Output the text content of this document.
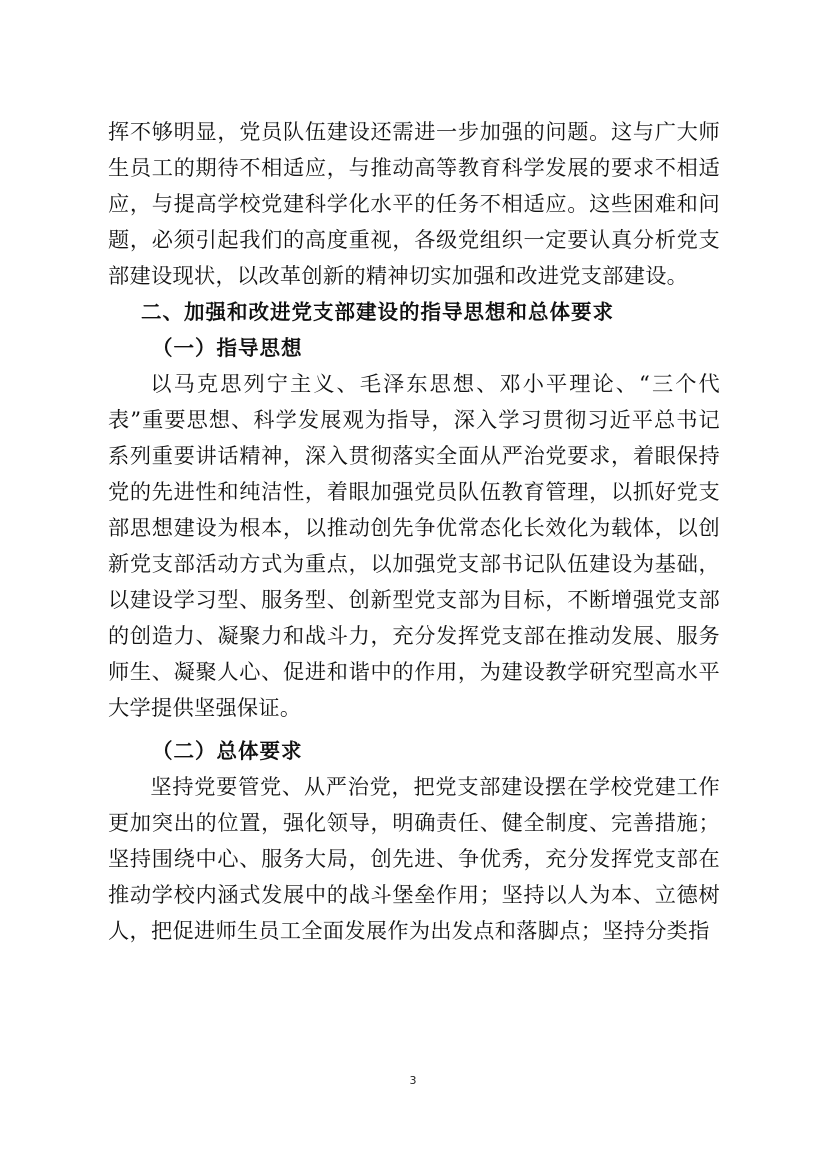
挥不够明显，党员队伍建设还需进一步加强的问题。这与广大师生员工的期待不相适应，与推动高等教育科学发展的要求不相适应，与提高学校党建科学化水平的任务不相适应。这些困难和问题，必须引起我们的高度重视，各级党组织一定要认真分析党支部建设现状，以改革创新的精神切实加强和改进党支部建设。

二、加强和改进党支部建设的指导思想和总体要求
（一）指导思想

以马克思列宁主义、毛泽东思想、邓小平理论、“三个代表”重要思想、科学发展观为指导，深入学习贯彻习近平总书记系列重要讲话精神，深入贯彻落实全面从严治党要求，着眼保持党的先进性和纯洁性，着眼加强党员队伍教育管理，以抓好党支部思想建设为根本，以推动创先争优常态化长效化为载体，以创新党支部活动方式为重点，以加强党支部书记队伍建设为基础，以建设学习型、服务型、创新型党支部为目标，不断增强党支部的创造力、凝聚力和战斗力，充分发挥党支部在推动发展、服务师生、凝聚人心、促进和谐中的作用，为建设教学研究型高水平大学提供坚强保证。

（二）总体要求

坚持党要管党、从严治党，把党支部建设摆在学校党建工作更加突出的位置，强化领导，明确责任、健全制度、完善措施；坚持围绕中心、服务大局，创先进、争优秀，充分发挥党支部在推动学校内涵式发展中的战斗堡垒作用；坚持以人为本、立德树人，把促进师生员工全面发展作为出发点和落脚点；坚持分类指

3
